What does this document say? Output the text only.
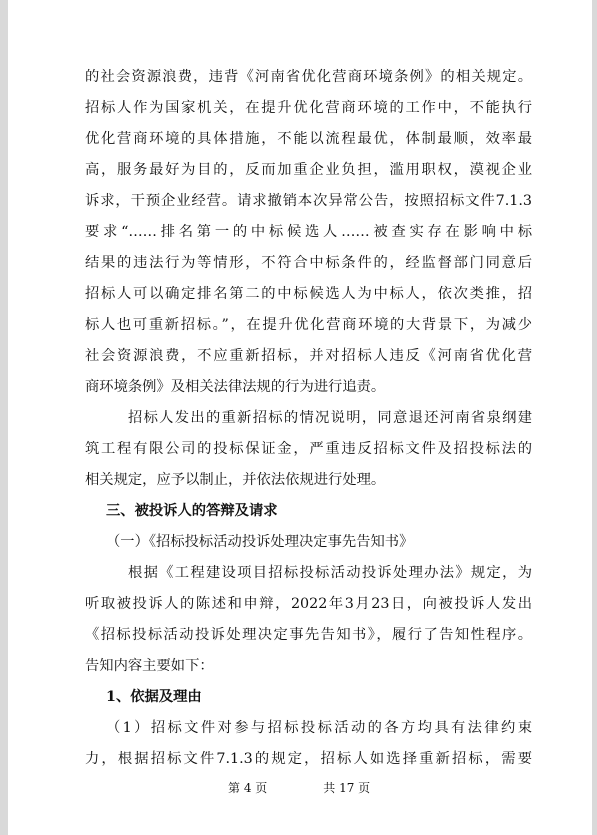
的社会资源浪费，违背《河南省优化营商环境条例》的相关规定。
招标人作为国家机关，在提升优化营商环境的工作中，不能执行
优化营商环境的具体措施，不能以流程最优，体制最顺，效率最
高，服务最好为目的，反而加重企业负担，滥用职权，漠视企业
诉求，干预企业经营。请求撤销本次异常公告，按照招标文件7.1.3
要求“……排名第一的中标候选人……被查实存在影响中标
结果的违法行为等情形，不符合中标条件的，经监督部门同意后
招标人可以确定排名第二的中标候选人为中标人，依次类推，招
标人也可重新招标。”，在提升优化营商环境的大背景下，为减少
社会资源浪费，不应重新招标，并对招标人违反《河南省优化营
商环境条例》及相关法律法规的行为进行追责。
招标人发出的重新招标的情况说明，同意退还河南省泉纲建
筑工程有限公司的投标保证金，严重违反招标文件及招投标法的
相关规定，应予以制止，并依法依规进行处理。
三、被投诉人的答辩及请求
（一）《招标投标活动投诉处理决定事先告知书》
根据《工程建设项目招标投标活动投诉处理办法》规定，为
听取被投诉人的陈述和申辩，2022年3月23日，向被投诉人发出
《招标投标活动投诉处理决定事先告知书》，履行了告知性程序。
告知内容主要如下：
1、依据及理由
（1）招标文件对参与招标投标活动的各方均具有法律约束
力，根据招标文件7.1.3的规定，招标人如选择重新招标，需要
第 4 页	共 17 页
